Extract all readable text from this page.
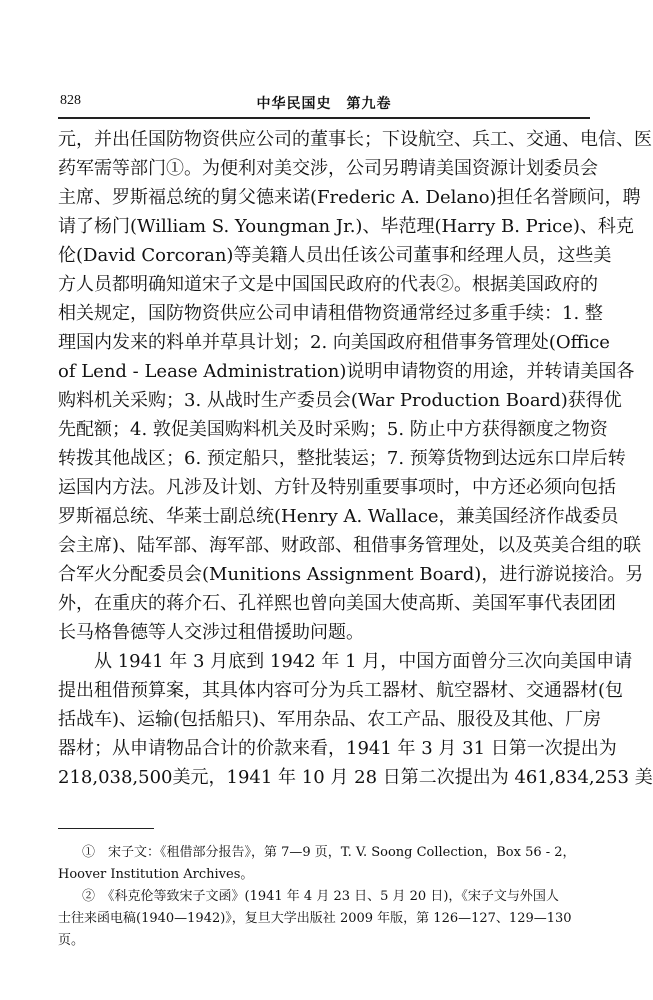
828	中华民国史　第九卷
元，并出任国防物资供应公司的董事长；下设航空、兵工、交通、电信、医
药军需等部门①。为便利对美交涉，公司另聘请美国资源计划委员会
主席、罗斯福总统的舅父德来诺(Frederic A. Delano)担任名誉顾问，聘
请了杨门(William S. Youngman Jr.)、毕范理(Harry B. Price)、科克
伦(David Corcoran)等美籍人员出任该公司董事和经理人员，这些美
方人员都明确知道宋子文是中国国民政府的代表②。根据美国政府的
相关规定，国防物资供应公司申请租借物资通常经过多重手续：1. 整
理国内发来的料单并草具计划；2. 向美国政府租借事务管理处(Office
of Lend - Lease Administration)说明申请物资的用途，并转请美国各
购料机关采购；3. 从战时生产委员会(War Production Board)获得优
先配额；4. 敦促美国购料机关及时采购；5. 防止中方获得额度之物资
转拨其他战区；6. 预定船只，整批装运；7. 预筹货物到达远东口岸后转
运国内方法。凡涉及计划、方针及特别重要事项时，中方还必须向包括
罗斯福总统、华莱士副总统(Henry A. Wallace，兼美国经济作战委员
会主席)、陆军部、海军部、财政部、租借事务管理处，以及英美合组的联
合军火分配委员会(Munitions Assignment Board)，进行游说接洽。另
外，在重庆的蒋介石、孔祥熙也曾向美国大使高斯、美国军事代表团团
长马格鲁德等人交涉过租借援助问题。
从 1941 年 3 月底到 1942 年 1 月，中国方面曾分三次向美国申请
提出租借预算案，其具体内容可分为兵工器材、航空器材、交通器材(包
括战车)、运输(包括船只)、军用杂品、农工产品、服役及其他、厂房
器材；从申请物品合计的价款来看，1941 年 3 月 31 日第一次提出为
218,038,500美元，1941 年 10 月 28 日第二次提出为 461,834,253 美
①　宋子文：《租借部分报告》，第 7—9 页，T. V. Soong Collection，Box 56 - 2，
Hoover Institution Archives。
②　《科克伦等致宋子文函》(1941 年 4 月 23 日、5 月 20 日)，《宋子文与外国人
士往来函电稿(1940—1942)》，复旦大学出版社 2009 年版，第 126—127、129—130
页。
